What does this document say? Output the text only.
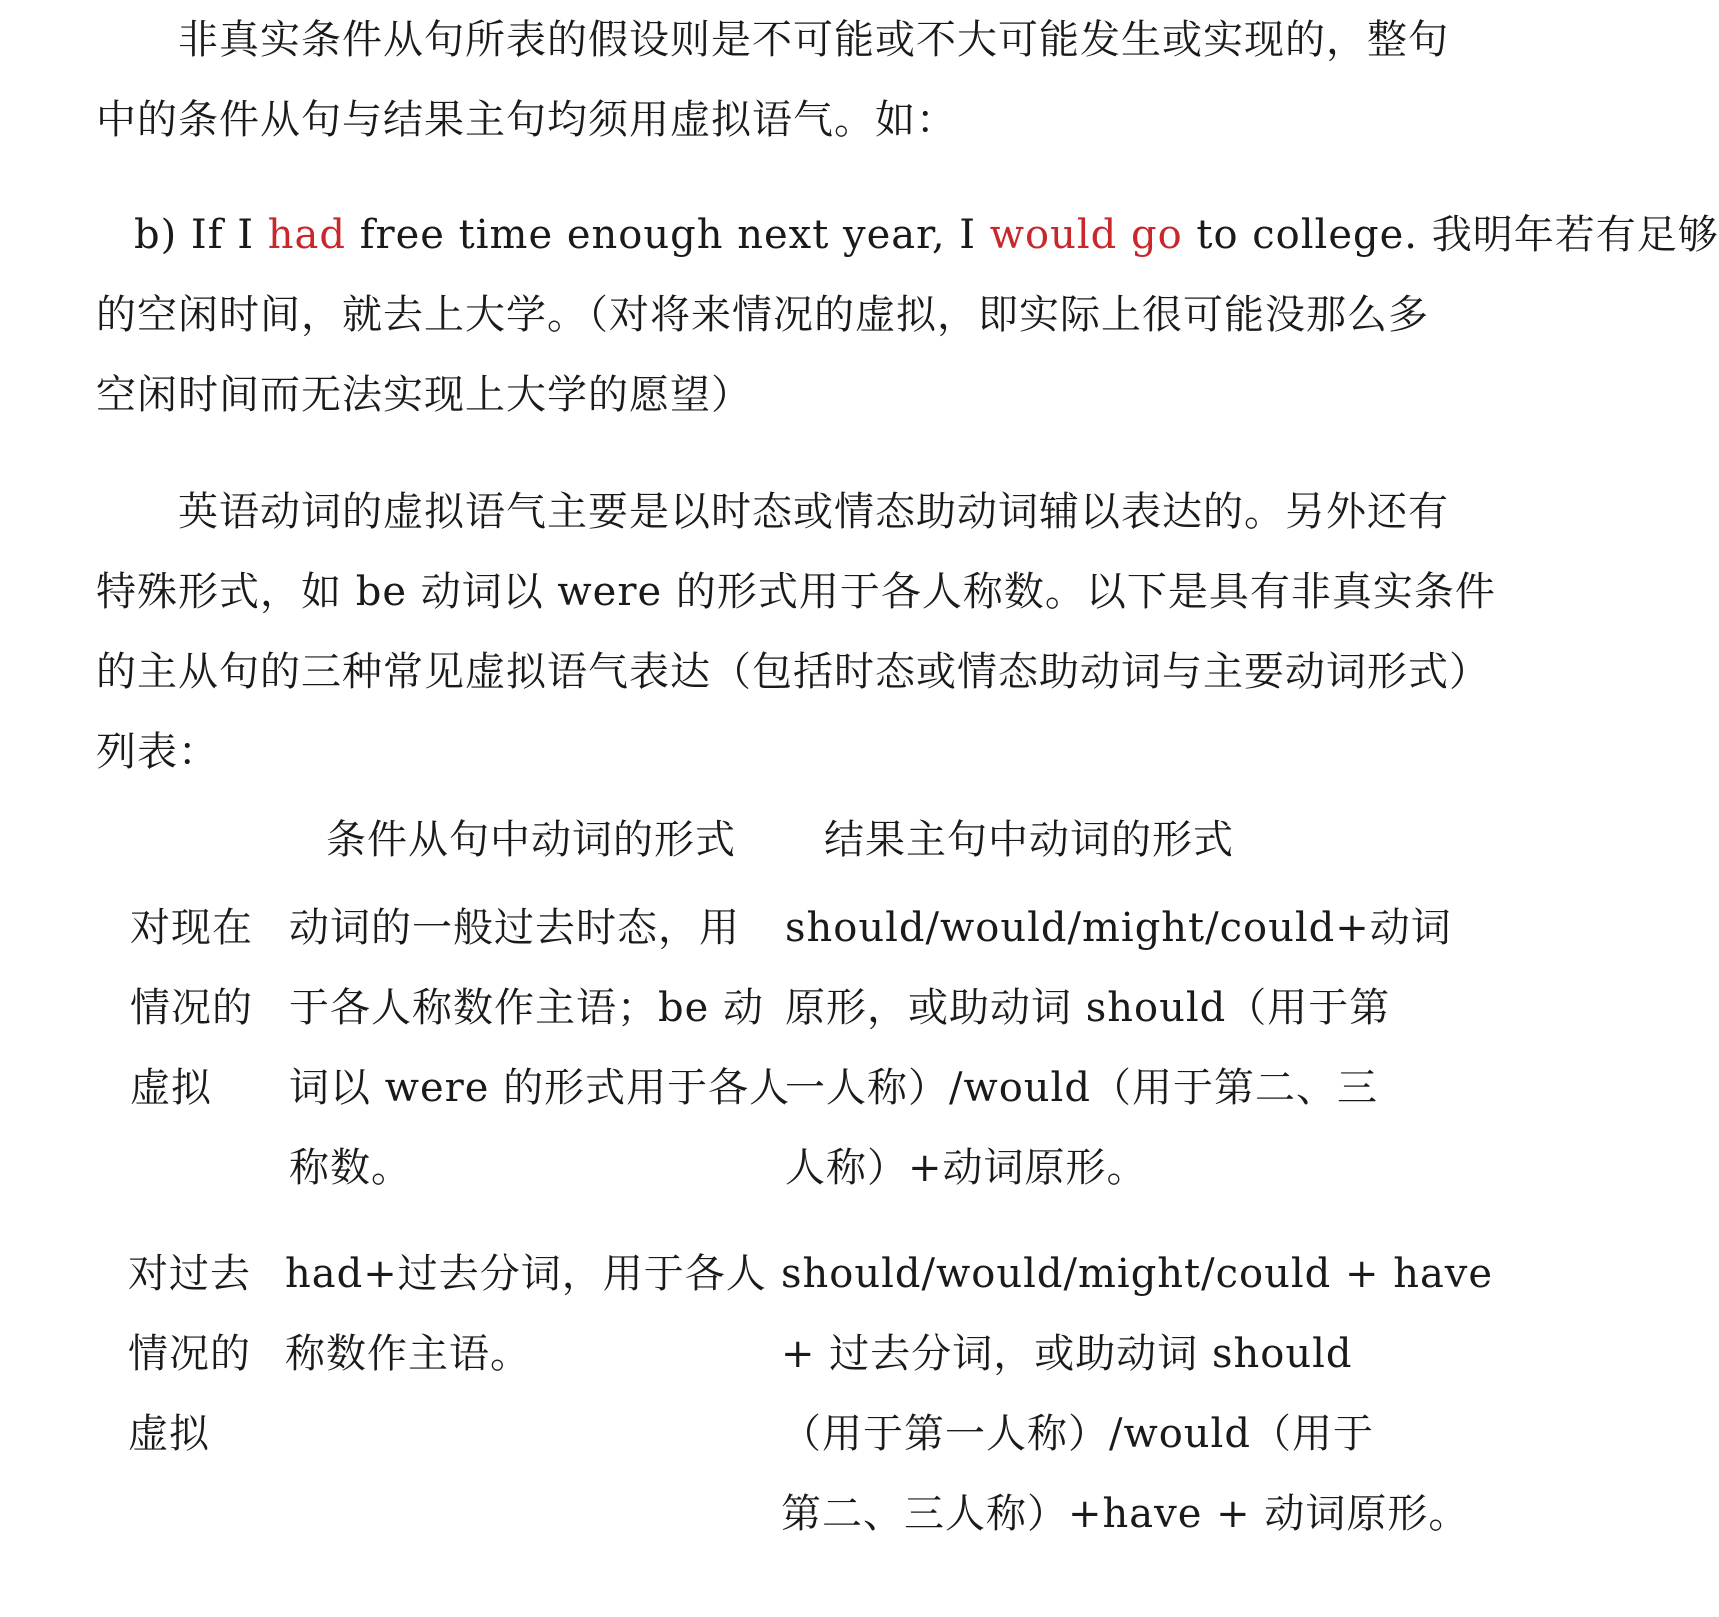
非真实条件从句所表的假设则是不可能或不大可能发生或实现的，整句
中的条件从句与结果主句均须用虚拟语气。如：
b) If I had free time enough next year, I would go to college. 我明年若有足够
的空闲时间，就去上大学。（对将来情况的虚拟，即实际上很可能没那么多
空闲时间而无法实现上大学的愿望）
英语动词的虚拟语气主要是以时态或情态助动词辅以表达的。另外还有
特殊形式，如 be 动词以 were 的形式用于各人称数。以下是具有非真实条件
的主从句的三种常见虚拟语气表达（包括时态或情态助动词与主要动词形式）
列表：
条件从句中动词的形式 结果主句中动词的形式
对现在
情况的
虚拟
动词的一般过去时态，用
于各人称数作主语；be 动
词以 were 的形式用于各人
称数。
should/would/might/could+动词
原形，或助动词 should（用于第
一人称）/would（用于第二、三
人称）+动词原形。
对过去
情况的
虚拟
had+过去分词，用于各人
称数作主语。
should/would/might/could + have
+ 过去分词，或助动词 should
（用于第一人称）/would（用于
第二、三人称）+have + 动词原形。
